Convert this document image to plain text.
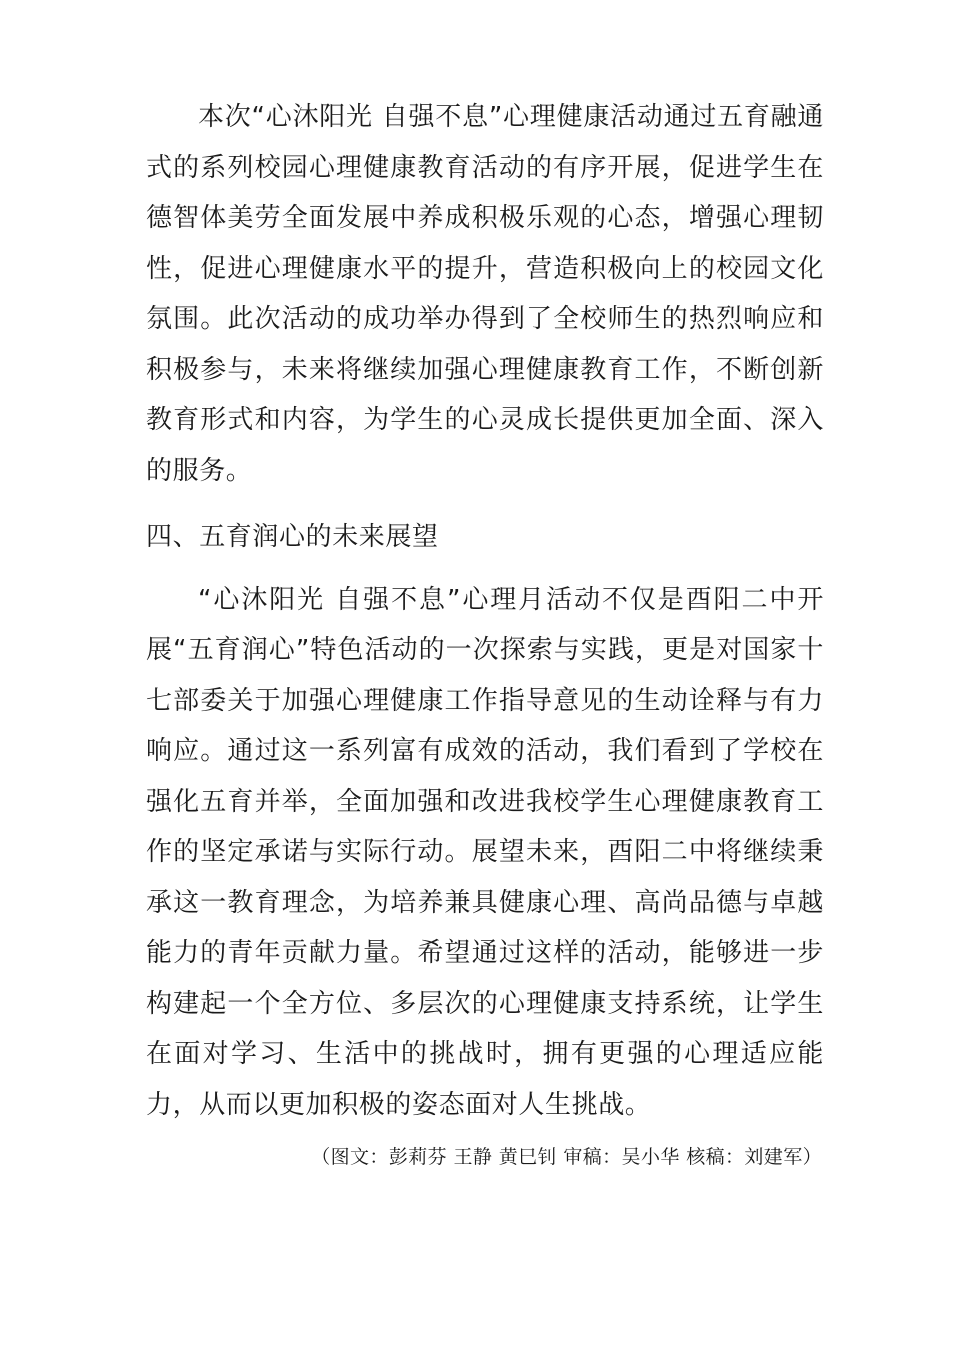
本次“心沐阳光 自强不息”心理健康活动通过五育融通式的系列校园心理健康教育活动的有序开展，促进学生在德智体美劳全面发展中养成积极乐观的心态，增强心理韧性，促进心理健康水平的提升，营造积极向上的校园文化氛围。此次活动的成功举办得到了全校师生的热烈响应和积极参与，未来将继续加强心理健康教育工作，不断创新教育形式和内容，为学生的心灵成长提供更加全面、深入的服务。

四、五育润心的未来展望

“心沐阳光 自强不息”心理月活动不仅是酉阳二中开展“五育润心”特色活动的一次探索与实践，更是对国家十七部委关于加强心理健康工作指导意见的生动诠释与有力响应。通过这一系列富有成效的活动，我们看到了学校在强化五育并举，全面加强和改进我校学生心理健康教育工作的坚定承诺与实际行动。展望未来，酉阳二中将继续秉承这一教育理念，为培养兼具健康心理、高尚品德与卓越能力的青年贡献力量。希望通过这样的活动，能够进一步构建起一个全方位、多层次的心理健康支持系统，让学生在面对学习、生活中的挑战时，拥有更强的心理适应能力，从而以更加积极的姿态面对人生挑战。

（图文：彭莉芬 王静 黄巳钊 审稿：吴小华 核稿：刘建军）
